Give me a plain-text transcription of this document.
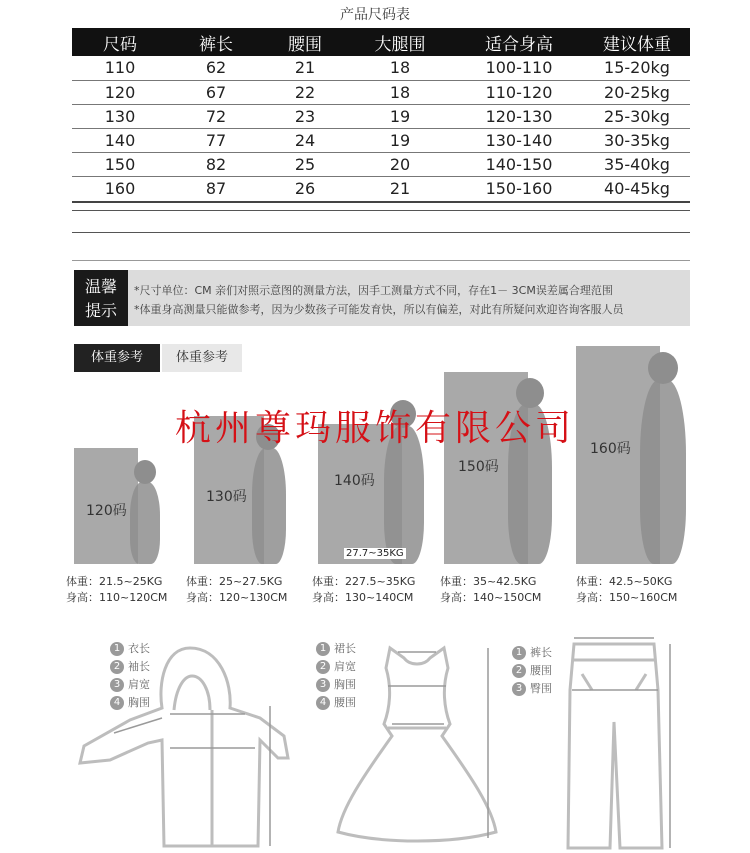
产品尺码表
尺码	裤长	腰围	大腿围	适合身高	建议体重
110	62	21	18	100-110	15-20kg
120	67	22	18	110-120	20-25kg
130	72	23	19	120-130	25-30kg
140	77	24	19	130-140	30-35kg
150	82	25	20	140-150	35-40kg
160	87	26	21	150-160	40-45kg
温馨
提示
*尺寸单位：CM 亲们对照示意图的测量方法，因手工测量方式不同，存在1－ 3CM误差属合理范围
*体重身高测量只能做参考，因为少数孩子可能发育快，所以有偏差，对此有所疑问欢迎咨询客服人员
体重参考	体重参考
120码
130码
140码
27.7~35KG
150码
160码
体重：21.5~25KG
身高：110~120CM
体重：25~27.5KG
身高：120~130CM
体重：227.5~35KG
身高：130~140CM
体重：35~42.5KG
身高：140~150CM
体重：42.5~50KG
身高：150~160CM
杭州尊玛服饰有限公司
1 衣长
2 袖长
3 肩宽
4 胸围
1 裙长
2 肩宽
3 胸围
4 腰围
1 裤长
2 腰围
3 臀围
